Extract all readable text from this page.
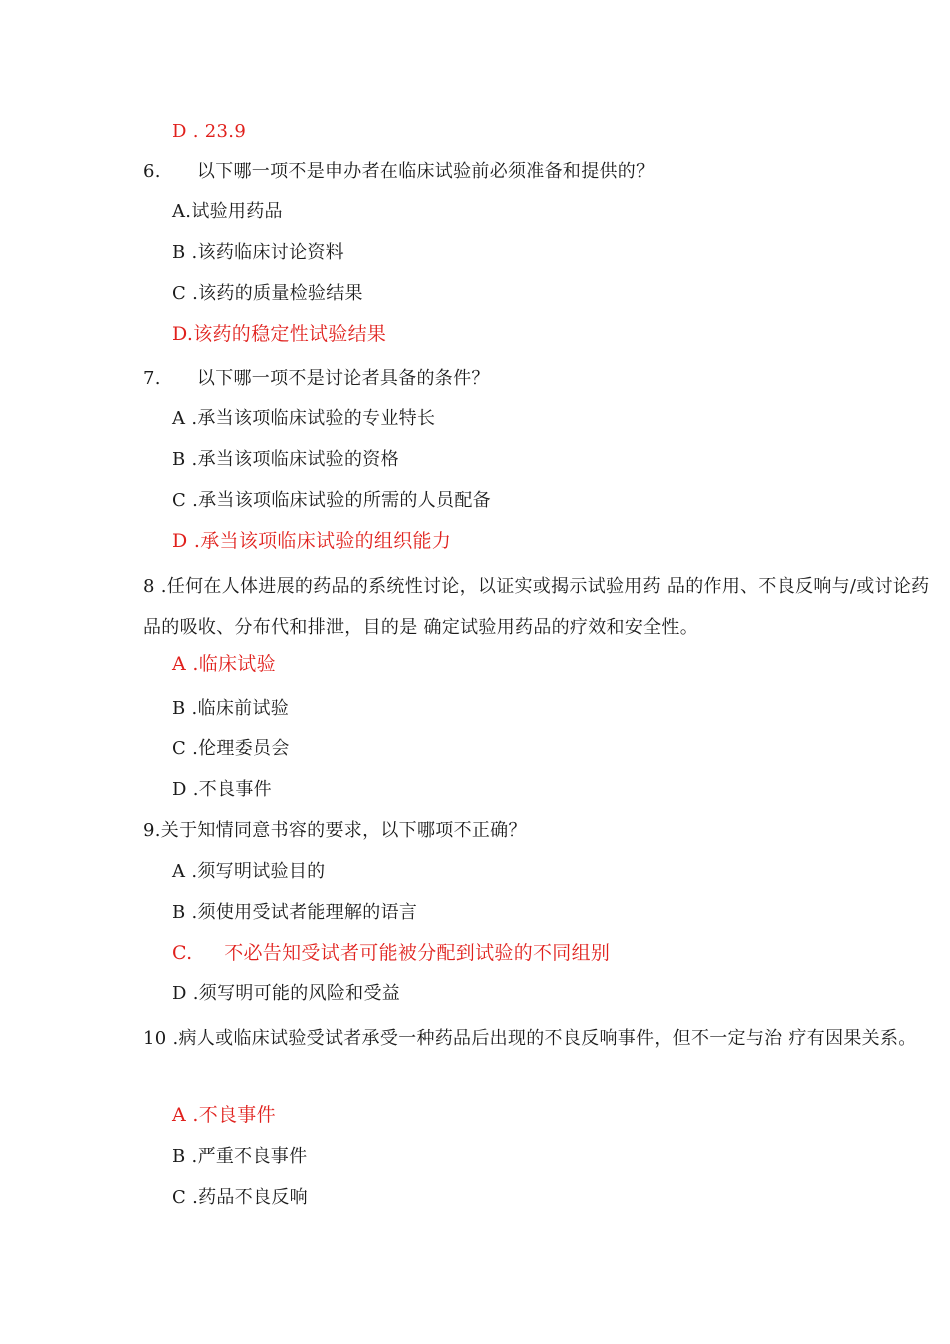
D . 23.9
6.      以下哪一项不是申办者在临床试验前必须准备和提供的？
A.试验用药品
B .该药临床讨论资料
C .该药的质量检验结果
D.该药的稳定性试验结果
7.      以下哪一项不是讨论者具备的条件？
A .承当该项临床试验的专业特长
B .承当该项临床试验的资格
C .承当该项临床试验的所需的人员配备
D .承当该项临床试验的组织能力
8 .任何在人体进展的药品的系统性讨论，以证实或揭示试验用药 品的作用、不良反响与/或讨论药品的吸收、分布代和排泄，目的是 确定试验用药品的疗效和安全性。
A .临床试验
B .临床前试验
C .伦理委员会
D .不良事件
9.关于知情同意书容的要求，以下哪项不正确？
A .须写明试验目的
B .须使用受试者能理解的语言
C.     不必告知受试者可能被分配到试验的不同组别
D .须写明可能的风险和受益
10 .病人或临床试验受试者承受一种药品后出现的不良反响事件，但不一定与治 疗有因果关系。
A .不良事件
B .严重不良事件
C .药品不良反响
